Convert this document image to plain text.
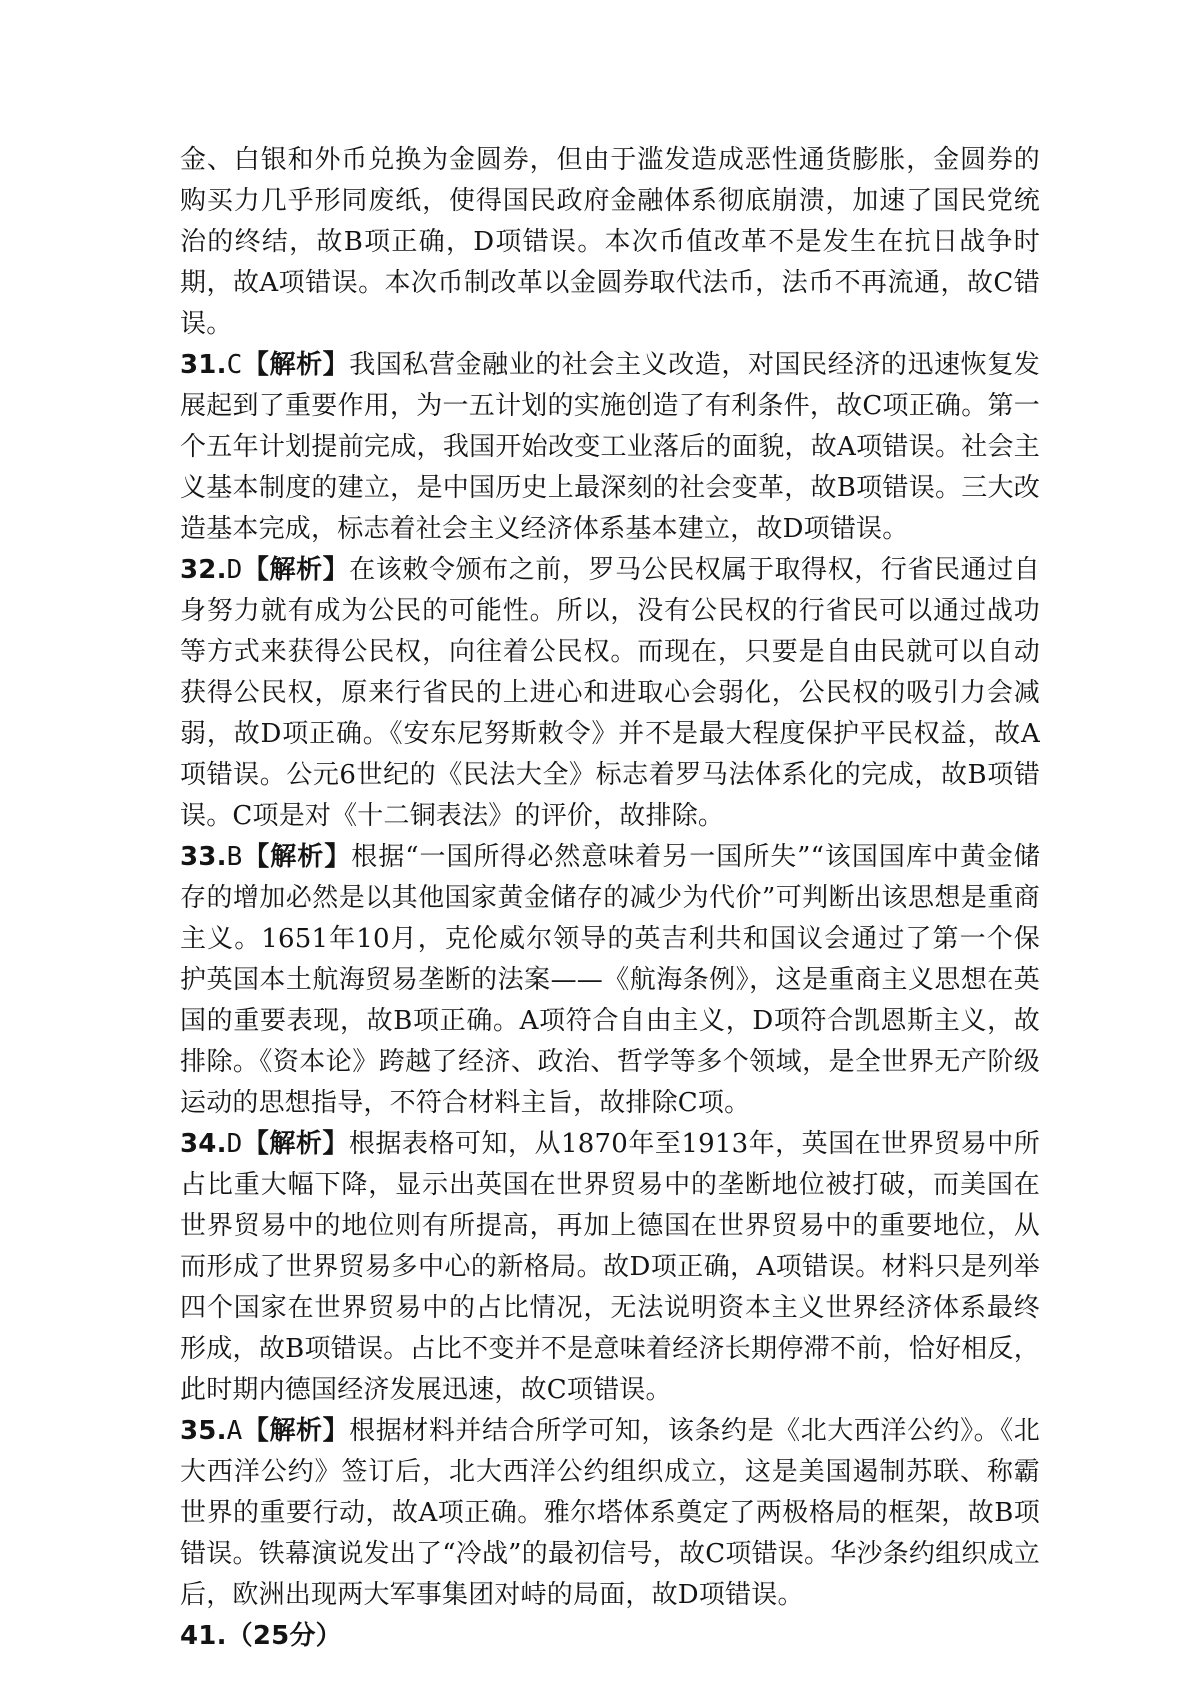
金、白银和外币兑换为金圆券，但由于滥发造成恶性通货膨胀，金圆券的购买力几乎形同废纸，使得国民政府金融体系彻底崩溃，加速了国民党统治的终结，故B项正确，D项错误。本次币值改革不是发生在抗日战争时期，故A项错误。本次币制改革以金圆券取代法币，法币不再流通，故C错误。

31.C【解析】我国私营金融业的社会主义改造，对国民经济的迅速恢复发展起到了重要作用，为一五计划的实施创造了有利条件，故C项正确。第一个五年计划提前完成，我国开始改变工业落后的面貌，故A项错误。社会主义基本制度的建立，是中国历史上最深刻的社会变革，故B项错误。三大改造基本完成，标志着社会主义经济体系基本建立，故D项错误。

32.D【解析】在该敕令颁布之前，罗马公民权属于取得权，行省民通过自身努力就有成为公民的可能性。所以，没有公民权的行省民可以通过战功等方式来获得公民权，向往着公民权。而现在，只要是自由民就可以自动获得公民权，原来行省民的上进心和进取心会弱化，公民权的吸引力会减弱，故D项正确。《安东尼努斯敕令》并不是最大程度保护平民权益，故A项错误。公元6世纪的《民法大全》标志着罗马法体系化的完成，故B项错误。C项是对《十二铜表法》的评价，故排除。

33.B【解析】根据“一国所得必然意味着另一国所失”“该国国库中黄金储存的增加必然是以其他国家黄金储存的减少为代价”可判断出该思想是重商主义。1651年10月，克伦威尔领导的英吉利共和国议会通过了第一个保护英国本土航海贸易垄断的法案——《航海条例》，这是重商主义思想在英国的重要表现，故B项正确。A项符合自由主义，D项符合凯恩斯主义，故排除。《资本论》跨越了经济、政治、哲学等多个领域，是全世界无产阶级运动的思想指导，不符合材料主旨，故排除C项。

34.D【解析】根据表格可知，从1870年至1913年，英国在世界贸易中所占比重大幅下降，显示出英国在世界贸易中的垄断地位被打破，而美国在世界贸易中的地位则有所提高，再加上德国在世界贸易中的重要地位，从而形成了世界贸易多中心的新格局。故D项正确，A项错误。材料只是列举四个国家在世界贸易中的占比情况，无法说明资本主义世界经济体系最终形成，故B项错误。占比不变并不是意味着经济长期停滞不前，恰好相反，此时期内德国经济发展迅速，故C项错误。

35.A【解析】根据材料并结合所学可知，该条约是《北大西洋公约》。《北大西洋公约》签订后，北大西洋公约组织成立，这是美国遏制苏联、称霸世界的重要行动，故A项正确。雅尔塔体系奠定了两极格局的框架，故B项错误。铁幕演说发出了“冷战”的最初信号，故C项错误。华沙条约组织成立后，欧洲出现两大军事集团对峙的局面，故D项错误。

41.（25分）
